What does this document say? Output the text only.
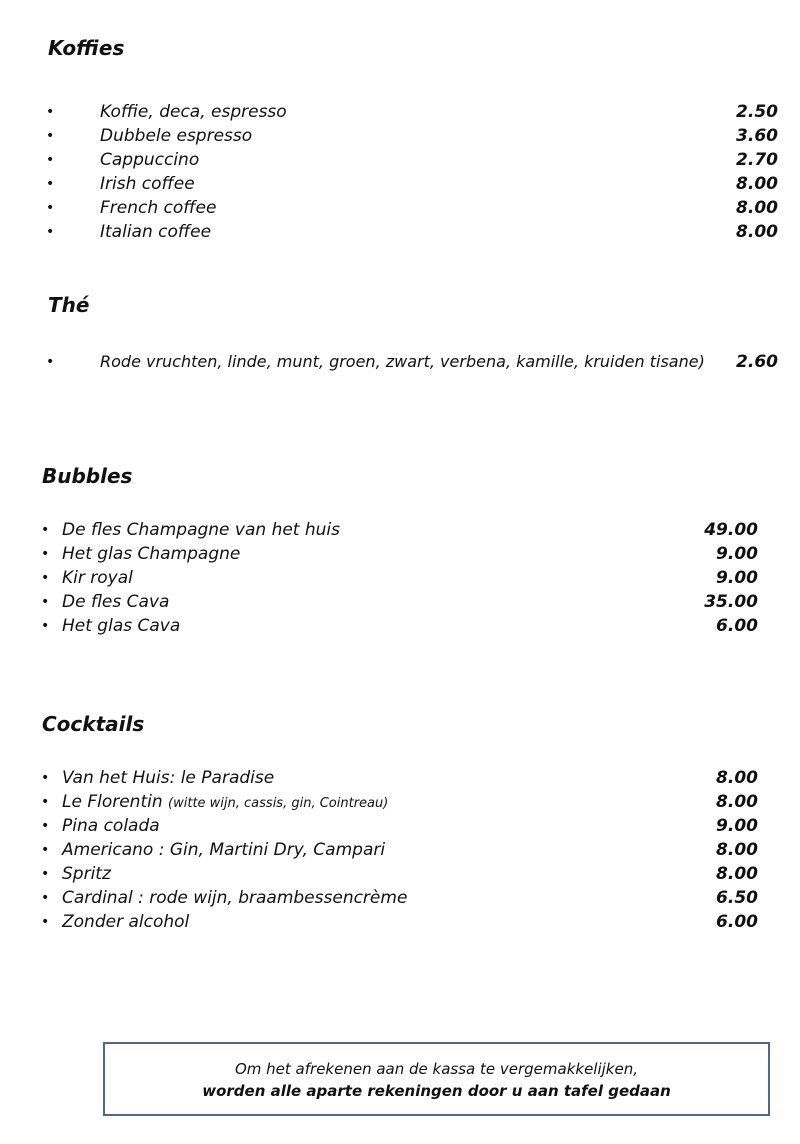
Koffies
•	Koffie, deca, espresso	2.50
•	Dubbele espresso	3.60
•	Cappuccino	2.70
•	Irish coffee	8.00
•	French coffee	8.00
•	Italian coffee	8.00
Thé
•	Rode vruchten, linde, munt, groen, zwart, verbena, kamille, kruiden tisane) 2.60
Bubbles
• De fles Champagne van het huis	49.00
• Het glas Champagne	9.00
• Kir royal	9.00
• De fles Cava	35.00
• Het glas Cava	6.00
Cocktails
• Van het Huis: le Paradise	8.00
• Le Florentin (witte wijn, cassis, gin, Cointreau)	8.00
• Pina colada	9.00
• Americano : Gin, Martini Dry, Campari	8.00
• Spritz	8.00
• Cardinal : rode wijn, braambessencrème	6.50
• Zonder alcohol	6.00
Om het afrekenen aan de kassa te vergemakkelijken,
worden alle aparte rekeningen door u aan tafel gedaan
